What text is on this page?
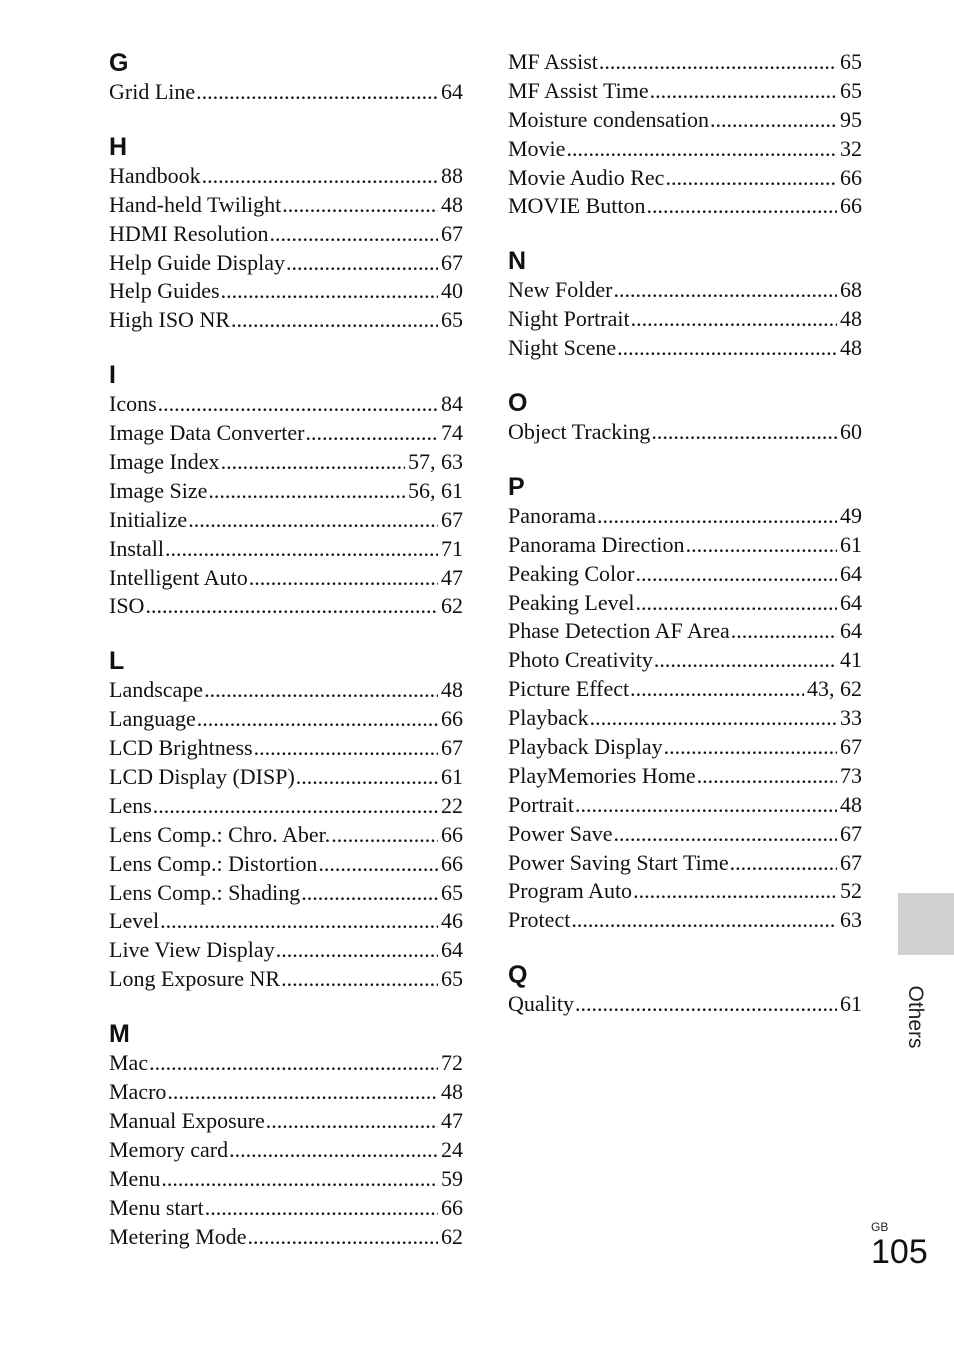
G
Grid Line .....	64
H
Handbook .....	88
Hand-held Twilight .....	48
HDMI Resolution .....	67
Help Guide Display .....	67
Help Guides .....	40
High ISO NR .....	65
I
Icons .....	84
Image Data Converter .....	74
Image Index .....	57, 63
Image Size .....	56, 61
Initialize .....	67
Install .....	71
Intelligent Auto .....	47
ISO .....	62
L
Landscape .....	48
Language .....	66
LCD Brightness .....	67
LCD Display (DISP) .....	61
Lens .....	22
Lens Comp.: Chro. Aber. .....	66
Lens Comp.: Distortion .....	66
Lens Comp.: Shading .....	65
Level .....	46
Live View Display .....	64
Long Exposure NR .....	65
M
Mac .....	72
Macro .....	48
Manual Exposure .....	47
Memory card .....	24
Menu .....	59
Menu start .....	66
Metering Mode .....	62
MF Assist .....	65
MF Assist Time .....	65
Moisture condensation .....	95
Movie .....	32
Movie Audio Rec .....	66
MOVIE Button .....	66
N
New Folder .....	68
Night Portrait .....	48
Night Scene .....	48
O
Object Tracking .....	60
P
Panorama .....	49
Panorama Direction .....	61
Peaking Color .....	64
Peaking Level .....	64
Phase Detection AF Area .....	64
Photo Creativity .....	41
Picture Effect .....	43, 62
Playback .....	33
Playback Display .....	67
PlayMemories Home .....	73
Portrait .....	48
Power Save .....	67
Power Saving Start Time .....	67
Program Auto .....	52
Protect .....	63
Q
Quality .....	61 Others
GB
105
